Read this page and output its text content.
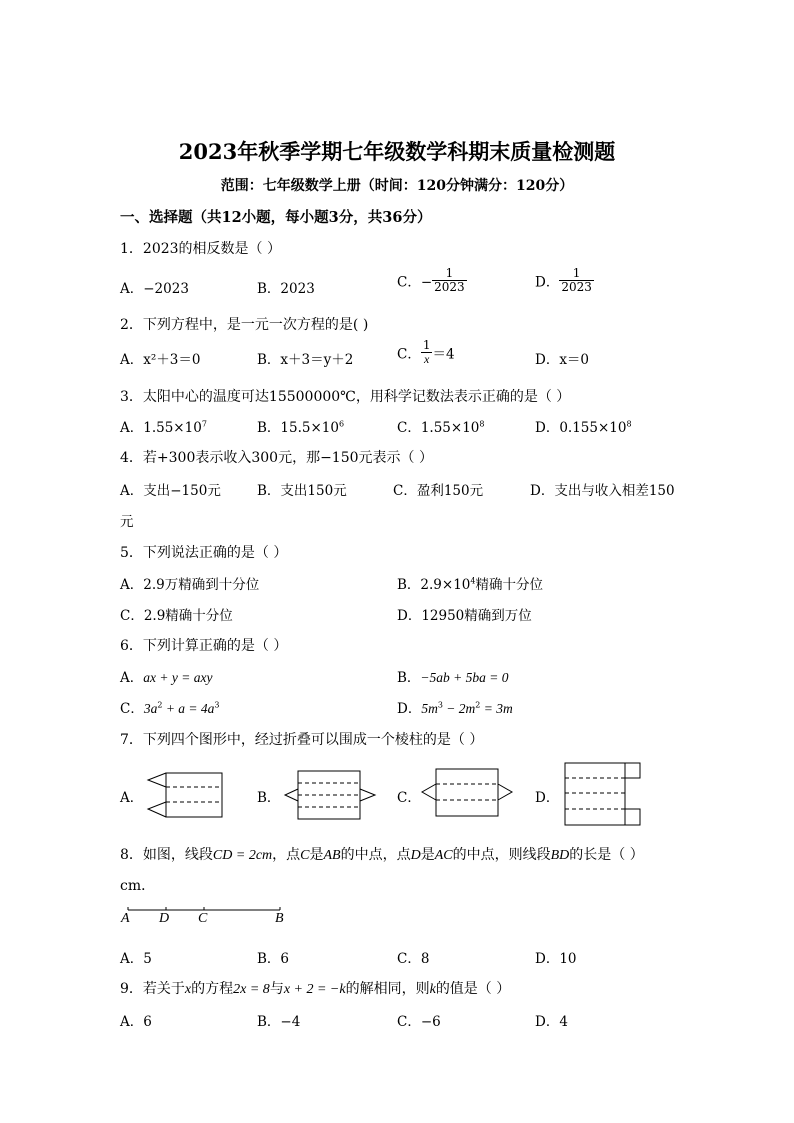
2023年秋季学期七年级数学科期末质量检测题
范围：七年级数学上册（时间：120分钟满分：120分）
一、选择题（共12小题，每小题3分，共36分）
1．2023的相反数是（ ）
A．−2023	B．2023	C．− $\frac{1}{2023}$	D． $\frac{1}{2023}$
2．下列方程中，是一元一次方程的是( )
A．x²＋3＝0	B．x＋3＝y＋2	C． $\frac{1}{x} =4$	D．x＝0
3．太阳中心的温度可达15500000℃，用科学记数法表示正确的是（ ）
A．$1.55\times 10^7$	B．$15.5\times 10^6$	C．$1.55\times 10^8$	D．$0.155\times 10^8$
4．若+300表示收入300元，那−150元表示（ ）
A．支出−150元	B．支出150元	C．盈利150元	D．支出与收入相差150
元
5．下列说法正确的是（ ）
A．2.9万精确到十分位	B．$2.9\times 10^4$精确十分位
C．2.9精确十分位	D．12950精确到万位
6．下列计算正确的是（ ）
A．ax + y = axy	B．−5ab + 5ba = 0
C．$3a^2 + a = 4a^3$	D．$5m^3 - 2m^2 = 3m$
7．下列四个图形中，经过折叠可以围成一个棱柱的是（ ）
A．	B．	C．	D．
8．如图，线段CD = 2cm，点C是AB的中点，点D是AC的中点，则线段BD的长是（ ）
cm．
A D C	B
A．5	B．6	C．8	D．10
9．若关于x的方程2x = 8与x + 2 = −k的解相同，则k的值是（ ）
A．6	B．−4	C．−6	D．4
